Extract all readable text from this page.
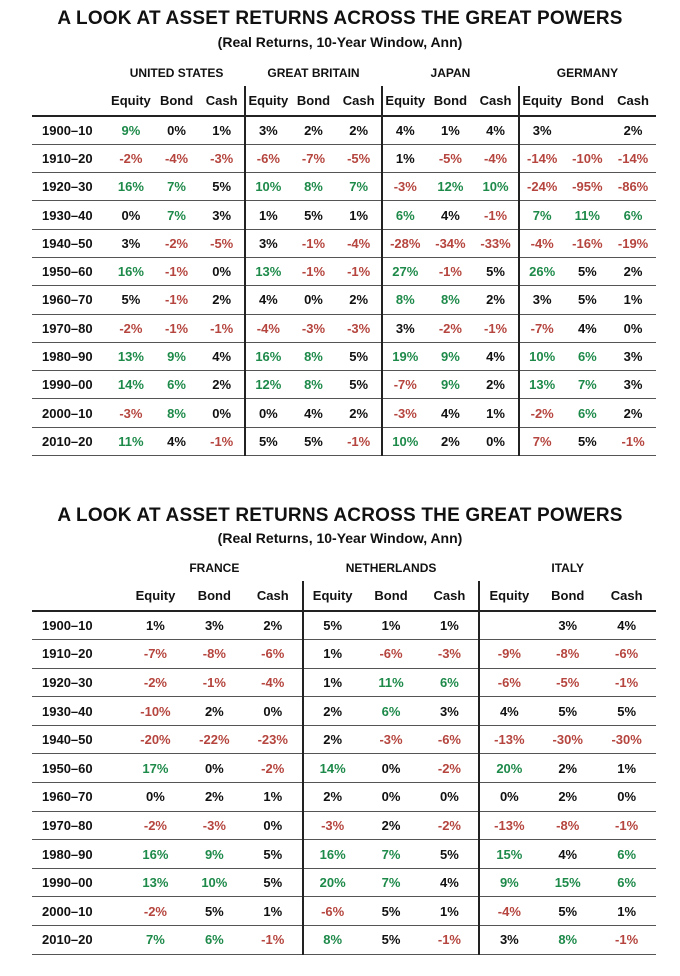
A LOOK AT ASSET RETURNS ACROSS THE GREAT POWERS
(Real Returns, 10-Year Window, Ann)
	UNITED STATES			GREAT BRITAIN			JAPAN			GERMANY		
	Equity	Bond	Cash	Equity	Bond	Cash	Equity	Bond	Cash	Equity	Bond	Cash
1900–10	9%	0%	1%	3%	2%	2%	4%	1%	4%	3%		2%
1910–20	-2%	-4%	-3%	-6%	-7%	-5%	1%	-5%	-4%	-14%	-10%	-14%
1920–30	16%	7%	5%	10%	8%	7%	-3%	12%	10%	-24%	-95%	-86%
1930–40	0%	7%	3%	1%	5%	1%	6%	4%	-1%	7%	11%	6%
1940–50	3%	-2%	-5%	3%	-1%	-4%	-28%	-34%	-33%	-4%	-16%	-19%
1950–60	16%	-1%	0%	13%	-1%	-1%	27%	-1%	5%	26%	5%	2%
1960–70	5%	-1%	2%	4%	0%	2%	8%	8%	2%	3%	5%	1%
1970–80	-2%	-1%	-1%	-4%	-3%	-3%	3%	-2%	-1%	-7%	4%	0%
1980–90	13%	9%	4%	16%	8%	5%	19%	9%	4%	10%	6%	3%
1990–00	14%	6%	2%	12%	8%	5%	-7%	9%	2%	13%	7%	3%
2000–10	-3%	8%	0%	0%	4%	2%	-3%	4%	1%	-2%	6%	2%
2010–20	11%	4%	-1%	5%	5%	-1%	10%	2%	0%	7%	5%	-1%
A LOOK AT ASSET RETURNS ACROSS THE GREAT POWERS
(Real Returns, 10-Year Window, Ann)
	FRANCE			NETHERLANDS			ITALY		
	Equity	Bond	Cash	Equity	Bond	Cash	Equity	Bond	Cash
1900–10	1%	3%	2%	5%	1%	1%		3%	4%
1910–20	-7%	-8%	-6%	1%	-6%	-3%	-9%	-8%	-6%
1920–30	-2%	-1%	-4%	1%	11%	6%	-6%	-5%	-1%
1930–40	-10%	2%	0%	2%	6%	3%	4%	5%	5%
1940–50	-20%	-22%	-23%	2%	-3%	-6%	-13%	-30%	-30%
1950–60	17%	0%	-2%	14%	0%	-2%	20%	2%	1%
1960–70	0%	2%	1%	2%	0%	0%	0%	2%	0%
1970–80	-2%	-3%	0%	-3%	2%	-2%	-13%	-8%	-1%
1980–90	16%	9%	5%	16%	7%	5%	15%	4%	6%
1990–00	13%	10%	5%	20%	7%	4%	9%	15%	6%
2000–10	-2%	5%	1%	-6%	5%	1%	-4%	5%	1%
2010–20	7%	6%	-1%	8%	5%	-1%	3%	8%	-1%
